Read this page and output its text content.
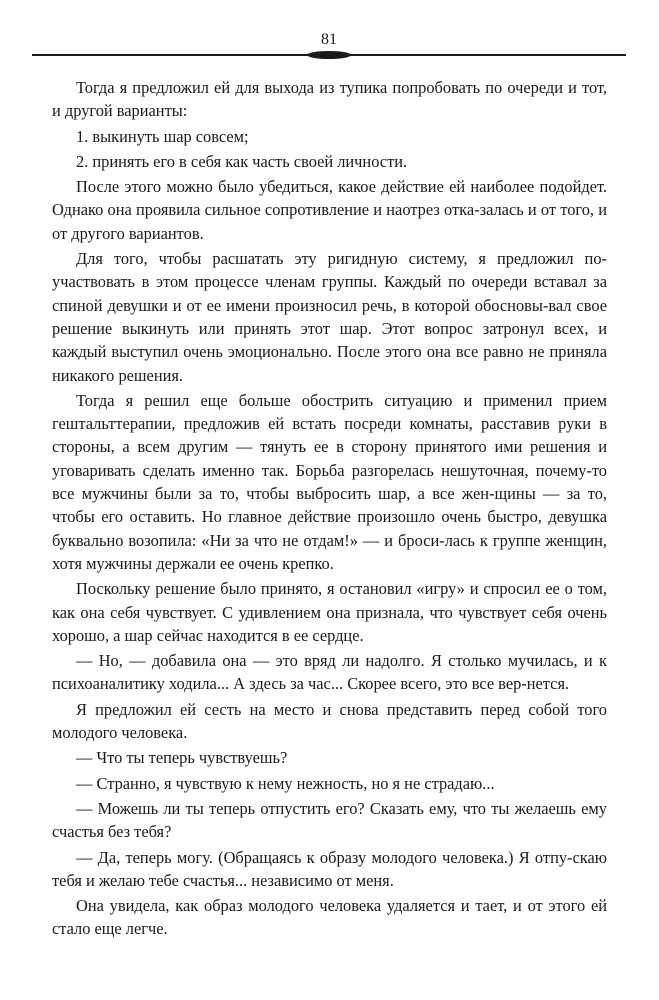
81

Тогда я предложил ей для выхода из тупика попробовать по очереди и тот, и другой варианты:

1. выкинуть шар совсем;

2. принять его в себя как часть своей личности.

После этого можно было убедиться, какое действие ей наиболее подойдет. Однако она проявила сильное сопротивление и наотрез отка-залась и от того, и от другого вариантов.

Для того, чтобы расшатать эту ригидную систему, я предложил по-участвовать в этом процессе членам группы. Каждый по очереди вставал за спиной девушки и от ее имени произносил речь, в которой обосновы-вал свое решение выкинуть или принять этот шар. Этот вопрос затронул всех, и каждый выступил очень эмоционально. После этого она все равно не приняла никакого решения.

Тогда я решил еще больше обострить ситуацию и применил прием гештальттерапии, предложив ей встать посреди комнаты, расставив руки в стороны, а всем другим — тянуть ее в сторону принятого ими решения и уговаривать сделать именно так. Борьба разгорелась нешуточная, почему-то все мужчины были за то, чтобы выбросить шар, а все жен-щины — за то, чтобы его оставить. Но главное действие произошло очень быстро, девушка буквально возопила: «Ни за что не отдам!» — и броси-лась к группе женщин, хотя мужчины держали ее очень крепко.

Поскольку решение было принято, я остановил «игру» и спросил ее о том, как она себя чувствует. С удивлением она признала, что чувствует себя очень хорошо, а шар сейчас находится в ее сердце.

— Но, — добавила она — это вряд ли надолго. Я столько мучилась, и к психоаналитику ходила... А здесь за час... Скорее всего, это все вер-нется.

Я предложил ей сесть на место и снова представить перед собой того молодого человека.

— Что ты теперь чувствуешь?

— Странно, я чувствую к нему нежность, но я не страдаю...

— Можешь ли ты теперь отпустить его? Сказать ему, что ты желаешь ему счастья без тебя?

— Да, теперь могу. (Обращаясь к образу молодого человека.) Я отпу-скаю тебя и желаю тебе счастья... независимо от меня.

Она увидела, как образ молодого человека удаляется и тает, и от этого ей стало еще легче.
